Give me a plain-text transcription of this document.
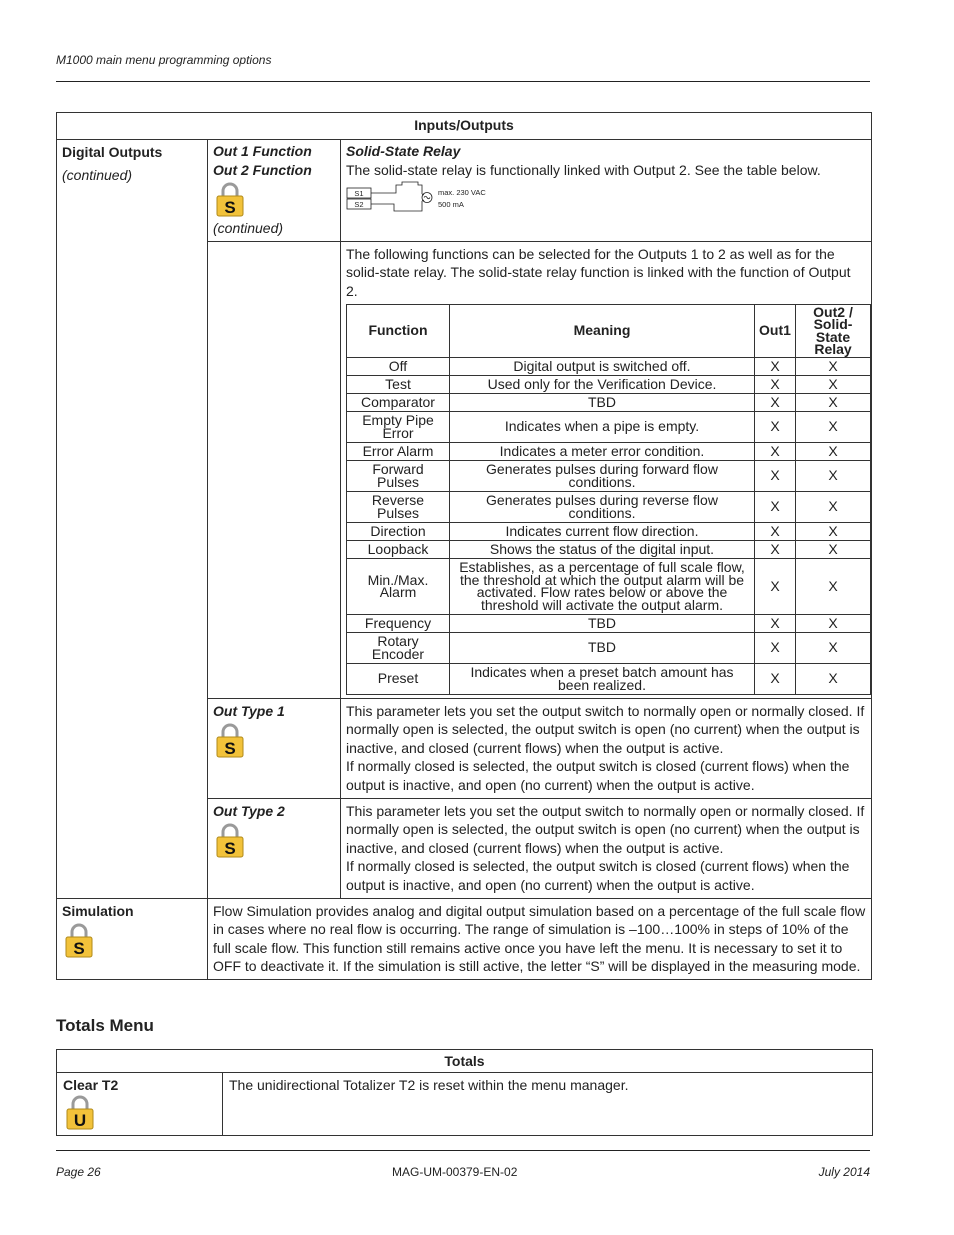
M1000 main menu programming options
Inputs/Outputs

Digital Outputs
(continued)

Out 1 Function
Out 2 Function
S
(continued)

Solid-State Relay
The solid-state relay is functionally linked with Output 2. See the table below.
S1
S2
max. 230 VAC
500 mA

The following functions can be selected for the Outputs 1 to 2 as well as for the solid-state relay. The solid-state relay function is linked with the function of Output 2.
Function	Meaning	Out1	Out2 / Solid-State Relay
Off	Digital output is switched off.	X	X
Test	Used only for the Verification Device.	X	X
Comparator	TBD	X	X
Empty Pipe Error	Indicates when a pipe is empty.	X	X
Error Alarm	Indicates a meter error condition.	X	X
Forward Pulses	Generates pulses during forward flow conditions.	X	X
Reverse Pulses	Generates pulses during reverse flow conditions.	X	X
Direction	Indicates current flow direction.	X	X
Loopback	Shows the status of the digital input.	X	X
Min./Max. Alarm	Establishes, as a percentage of full scale flow, the threshold at which the output alarm will be activated. Flow rates below or above the threshold will activate the output alarm.	X	X
Frequency	TBD	X	X
Rotary Encoder	TBD	X	X
Preset	Indicates when a preset batch amount has been realized.	X	X

Out Type 1
S

This parameter lets you set the output switch to normally open or normally closed. If normally open is selected, the output switch is open (no current) when the output is inactive, and closed (current flows) when the output is active.

If normally closed is selected, the output switch is closed (current flows) when the output is inactive, and open (no current) when the output is active.

Out Type 2
S

This parameter lets you set the output switch to normally open or normally closed. If normally open is selected, the output switch is open (no current) when the output is inactive, and closed (current flows) when the output is active.

If normally closed is selected, the output switch is closed (current flows) when the output is inactive, and open (no current) when the output is active.

Simulation
S

Flow Simulation provides analog and digital output simulation based on a percentage of the full scale flow in cases where no real flow is occurring. The range of simulation is –100…100% in steps of 10% of the full scale flow. This function still remains active once you have left the menu. It is necessary to set it to OFF to deactivate it. If the simulation is still active, the letter “S” will be displayed in the measuring mode.

Totals Menu
Totals

Clear T2
U

The unidirectional Totalizer T2 is reset within the menu manager.

Page 26	MAG-UM-00379-EN-02	July 2014
